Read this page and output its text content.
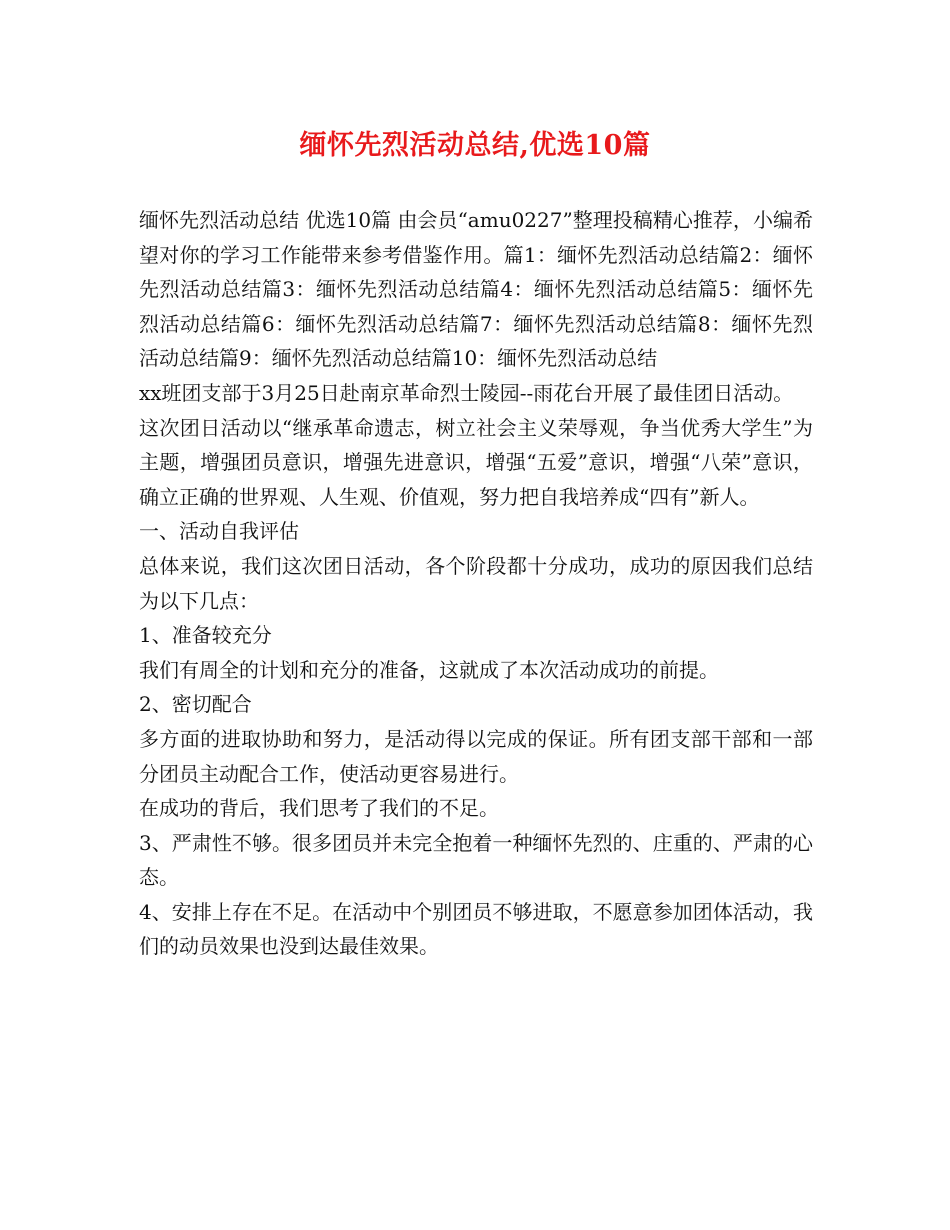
缅怀先烈活动总结,优选10篇

缅怀先烈活动总结 优选10篇 由会员“amu0227”整理投稿精心推荐，小编希望对你的学习工作能带来参考借鉴作用。篇1：缅怀先烈活动总结篇2：缅怀先烈活动总结篇3：缅怀先烈活动总结篇4：缅怀先烈活动总结篇5：缅怀先烈活动总结篇6：缅怀先烈活动总结篇7：缅怀先烈活动总结篇8：缅怀先烈活动总结篇9：缅怀先烈活动总结篇10：缅怀先烈活动总结

xx班团支部于3月25日赴南京革命烈士陵园--雨花台开展了最佳团日活动。

这次团日活动以“继承革命遗志，树立社会主义荣辱观，争当优秀大学生”为主题，增强团员意识，增强先进意识，增强“五爱”意识，增强“八荣”意识，确立正确的世界观、人生观、价值观，努力把自我培养成“四有”新人。

一、活动自我评估

总体来说，我们这次团日活动，各个阶段都十分成功，成功的原因我们总结为以下几点：

1、准备较充分

我们有周全的计划和充分的准备，这就成了本次活动成功的前提。

2、密切配合

多方面的进取协助和努力，是活动得以完成的保证。所有团支部干部和一部分团员主动配合工作，使活动更容易进行。

在成功的背后，我们思考了我们的不足。

3、严肃性不够。很多团员并未完全抱着一种缅怀先烈的、庄重的、严肃的心态。

4、安排上存在不足。在活动中个别团员不够进取，不愿意参加团体活动，我们的动员效果也没到达最佳效果。
